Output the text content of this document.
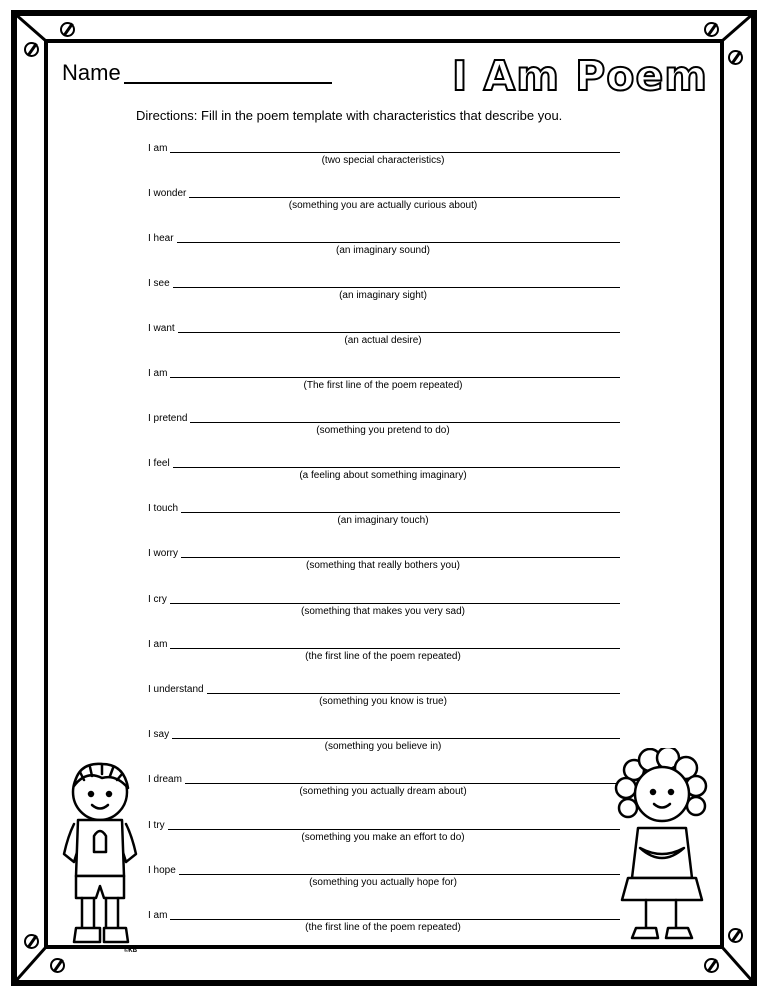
Name	I Am Poem
Directions: Fill in the poem template with characteristics that describe you.
I am
(two special characteristics)
I wonder
(something you are actually curious about)
I hear
(an imaginary sound)
I see
(an imaginary sight)
I want
(an actual desire)
I am
(The first line of the poem repeated)
I pretend
(something you pretend to do)
I feel
(a feeling about something imaginary)
I touch
(an imaginary touch)
I worry
(something that really bothers you)
I cry
(something that makes you very sad)
I am
(the first line of the poem repeated)
I understand
(something you know is true)
I say
(something you believe in)
I dream
(something you actually dream about)
I try
(something you make an effort to do)
I hope
(something you actually hope for)
I am
(the first line of the poem repeated)
©KB
